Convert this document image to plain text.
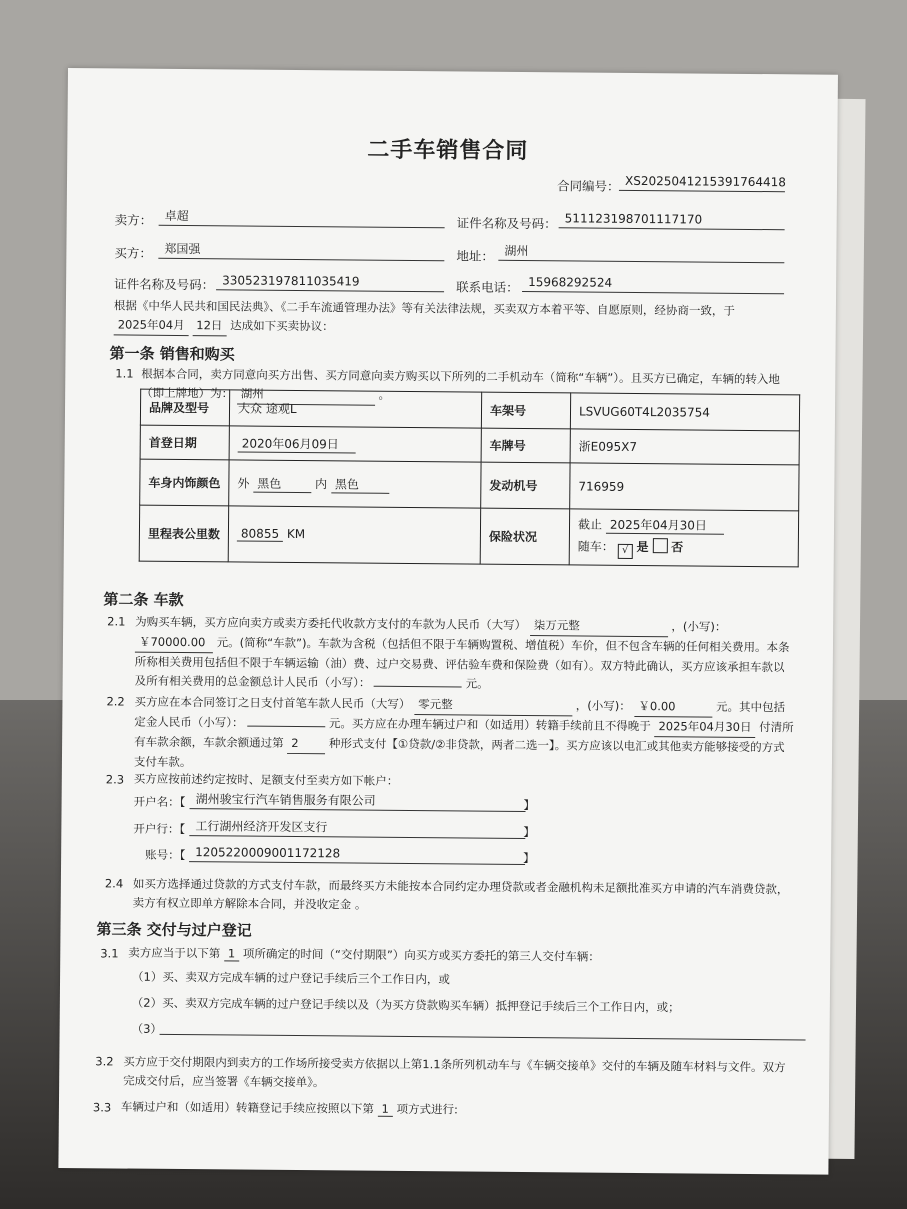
二手车销售合同
合同编号： XS2025041215391764418
卖方：	卓超	证件名称及号码： 511123198701117170
买方：	郑国强	地址： 湖州
证件名称及号码： 330523197811035419	联系电话： 15968292524
根据《中华人民共和国民法典》、《二手车流通管理办法》等有关法律法规，买卖双方本着平等、自愿原则，经协商一致，于 2025年04月 12日 达成如下买卖协议：
第一条 销售和购买
1.1 根据本合同，卖方同意向买方出售、买方同意向卖方购买以下所列的二手机动车（简称“车辆”）。且买方已确定，车辆的转入地（即上牌地）为： 湖州	。
品牌及型号	大众 途观L	车架号	LSVUG60T4L2035754
首登日期	2020年06月09日	车牌号	浙E095X7
车身内饰颜色	外 黑色 内 黑色	发动机号	716959
里程表公里数	80855 KM	保险状况	截止 2025年04月30日
随车： √ 是 否
第二条 车款
2.1 为购买车辆，买方应向卖方或卖方委托代收款方支付的车款为人民币（大写） 柒万元整	，(小写)： ￥70000.00 元。(简称“车款”)。车款为含税（包括但不限于车辆购置税、增值税）车价，但不包含车辆的任何相关费用。本条所称相关费用包括但不限于车辆运输（油）费、过户交易费、评估验车费和保险费（如有）。双方特此确认，买方应该承担车款以及所有相关费用的总金额总计人民币（小写）：	元。
2.2 买方应在本合同签订之日支付首笔车款人民币（大写） 零元整	，(小写)： ￥0.00	元。其中包括定金人民币（小写）：	元。买方应在办理车辆过户和（如适用）转籍手续前且不得晚于 2025年04月30日 付清所有车款余额，车款余额通过第 2	种形式支付【①贷款/②非贷款，两者二选一】。买方应该以电汇或其他卖方能够接受的方式支付车款。
2.3 买方应按前述约定按时、足额支付至卖方如下帐户：
开户名：【 湖州骏宝行汽车销售服务有限公司	】
开户行：【 工行湖州经济开发区支行	】
账号：【 1205220009001172128	】
2.4 如买方选择通过贷款的方式支付车款，而最终买方未能按本合同约定办理贷款或者金融机构未足额批准买方申请的汽车消费贷款，卖方有权立即单方解除本合同，并没收定金 。
第三条 交付与过户登记
3.1 卖方应当于以下第 1 项所确定的时间（“交付期限”）向买方或买方委托的第三人交付车辆：
（1）买、卖双方完成车辆的过户登记手续后三个工作日内，或
（2）买、卖双方完成车辆的过户登记手续以及（为买方贷款购买车辆）抵押登记手续后三个工作日内，或；
（3）
3.2 买方应于交付期限内到卖方的工作场所接受卖方依据以上第1.1条所列机动车与《车辆交接单》交付的车辆及随车材料与文件。双方完成交付后，应当签署《车辆交接单》。
3.3 车辆过户和（如适用）转籍登记手续应按照以下第 1 项方式进行:
